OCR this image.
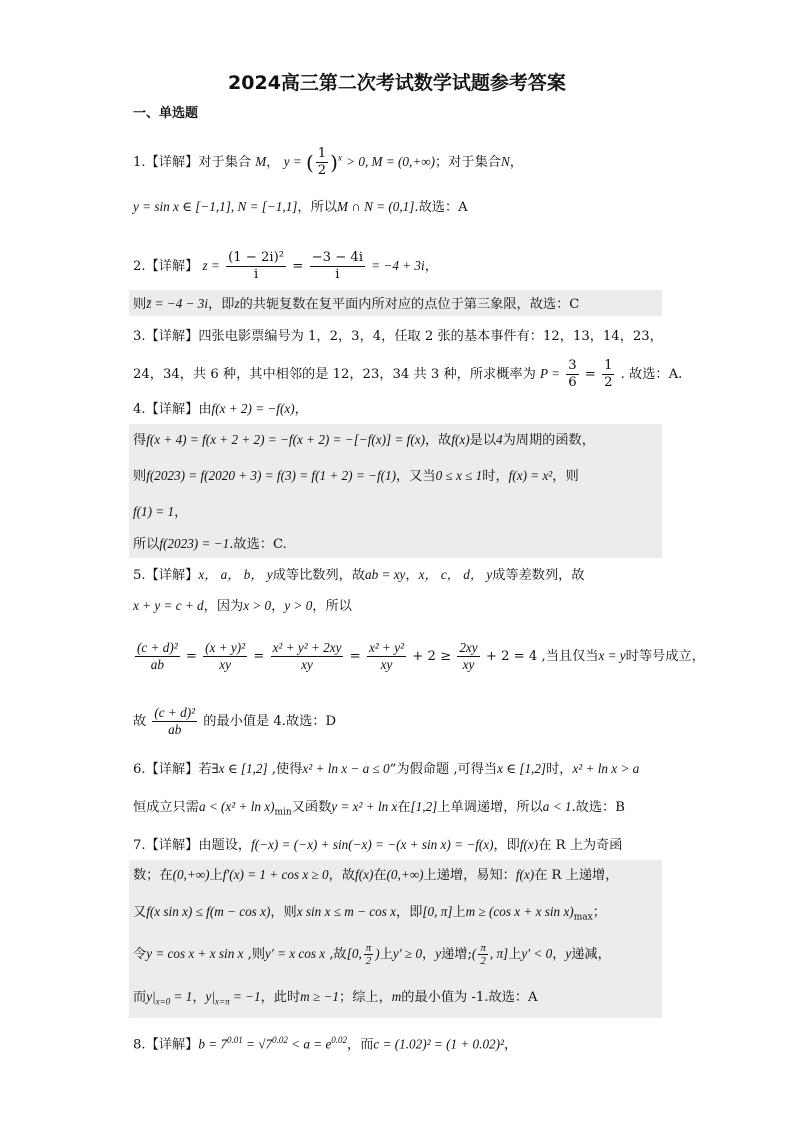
2024高三第二次考试数学试题参考答案
一、单选题
1.【详解】对于集合 M， y = ( $\frac{1}{2} )^x > 0$, M = (0,+∞)；对于集合N，
y = sin x ∈ [−1,1], N = [−1,1]，所以M ∩ N = (0,1].故选：A
2.【详解】 $z = \frac{\text{(1 − 2i)²}}{i} = \frac{-3 - 4i}{i} = -4 + 3i$，
则z̄ = −4 − 3i，即z的共轭复数在复平面内所对应的点位于第三象限，故选：C
3.【详解】四张电影票编号为 1，2，3，4，任取 2 张的基本事件有：12，13，14，23，
24，34，共 6 种，其中相邻的是 12，23，34 共 3 种，所求概率为 $P = \frac{3}{6} = \frac{1}{2}$ . 故选：A.
4.【详解】由f(x + 2) = −f(x)，
得f(x + 4) = f(x + 2 + 2) = −f(x + 2) = −[−f(x)] = f(x)，故f(x)是以4为周期的函数，
则f(2023) = f(2020 + 3) = f(3) = f(1 + 2) = −f(1)，又当0 ≤ x ≤ 1时，f(x) = x²，则
f(1) = 1，
所以f(2023) = −1.故选：C.
5.【详解】x， a， b， y成等比数列，故ab = xy，x， c， d， y成等差数列，故
x + y = c + d，因为x > 0，y > 0，所以
$\frac{\text{(c + d)²}}{ab} = \frac{\text{(x + y)²}}{xy} = \frac{\text{x² + y² + 2xy}}{xy} = \frac{\text{x² + y²}}{xy} + 2 \ge \frac{2xy}{xy} + 2 = 4$ ,当且仅当x = y时等号成立，
故 $\frac{\text{(c + d)²}}{ab}$ 的最小值是 4.故选：D
6.【详解】若∃x ∈ [1,2] ,使得x² + ln x − a ≤ 0”为假命题 ,可得当x ∈ [1,2]时，x² + ln x > a
恒成立只需$a < (x^2 + \ln x)_{min}$又函数y = x² + ln x在[1,2]上单调递增，所以a < 1.故选：B
7.【详解】由题设，f(−x) = (−x) + sin(−x) = −(x + sin x) = −f(x)，即f(x)在 R 上为奇函
数；在(0,+∞)上f′(x) = 1 + cos x ≥ 0，故f(x)在(0,+∞)上递增，易知：f(x)在 R 上递增，
又f(x sin x) ≤ f(m − cos x)，则x sin x ≤ m − cos x，即[0, π]上m ≥ (cos x + x $\sin x)_{max}$；
令y = cos x + x sin x ,则y′ = x cos x ,故[0, $\frac{\pi}{2}$ )上y′ ≥ 0，y递增;( $\frac{\pi}{2}$ , π]上y′ < 0，y递减，
而$y|_{x=0} = 1$，$y|_{x=\pi} = -1$，此时m ≥ −1；综上，m的最小值为 -1.故选：A
8.【详解】$b = 7^{0.01} = √7^{0.02} < a = e^{0.02}$，而c = (1.02)² = (1 + 0.02)²，
